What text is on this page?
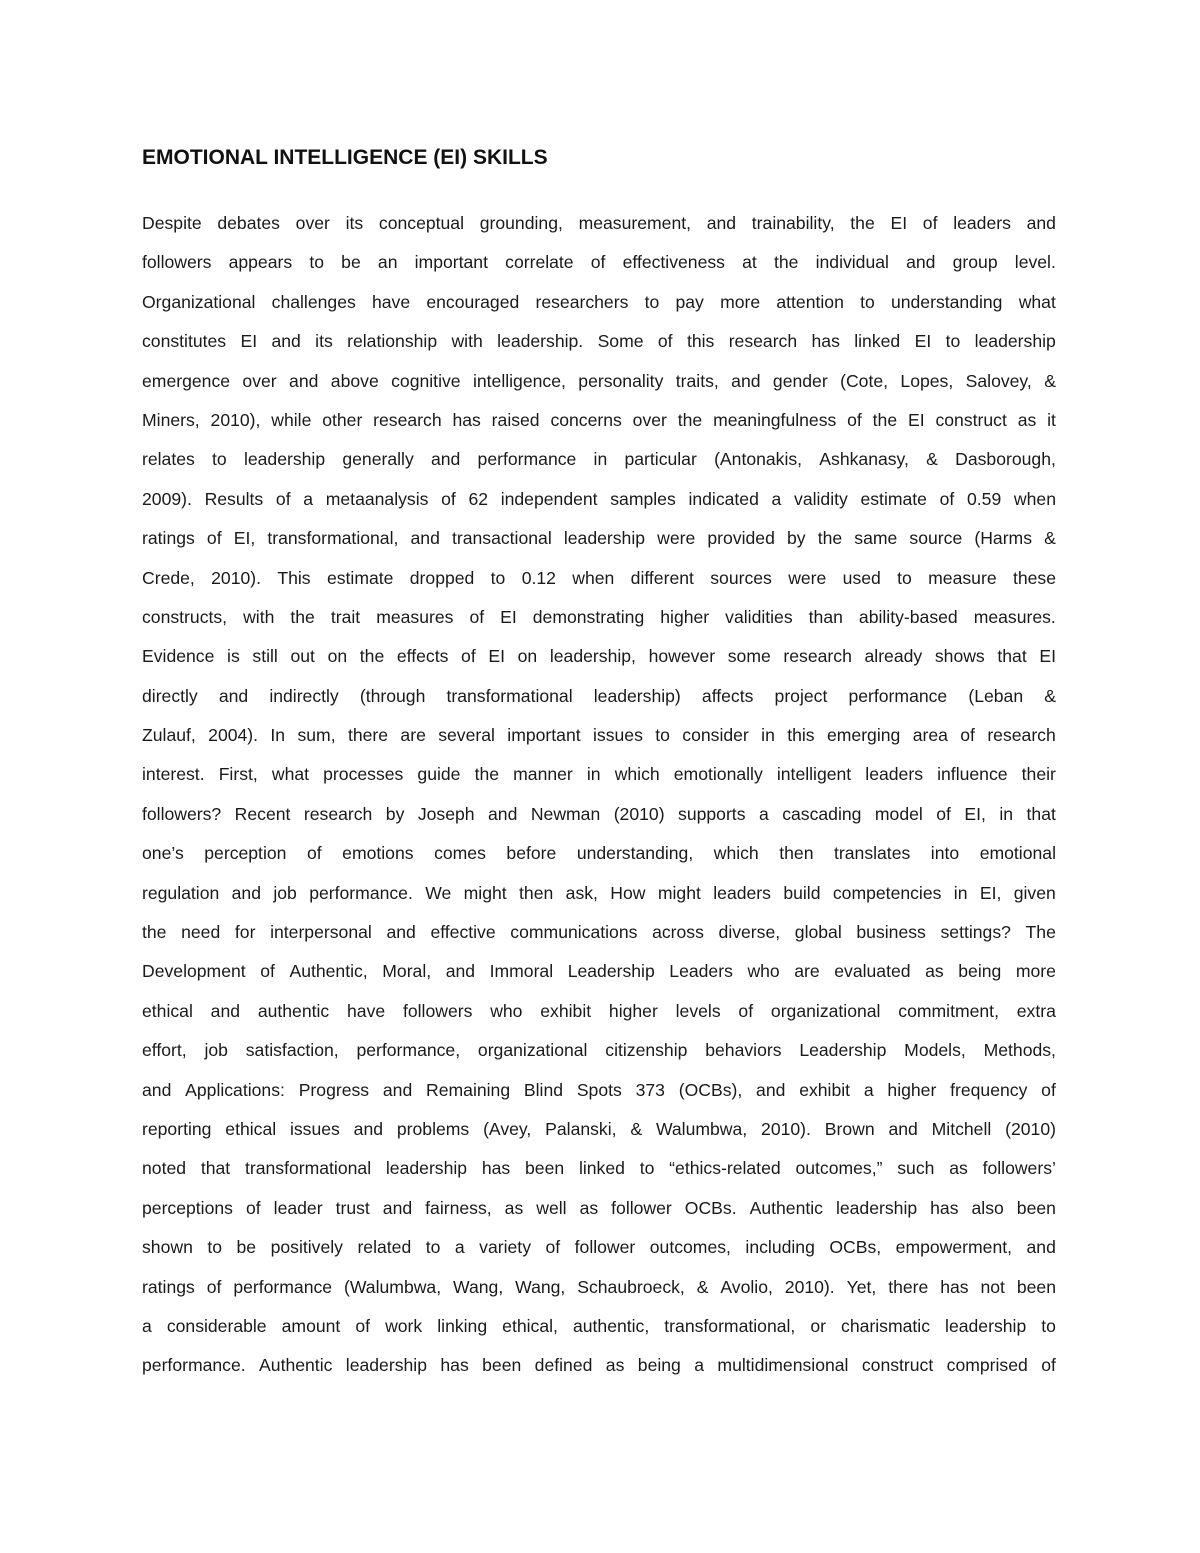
EMOTIONAL INTELLIGENCE (EI) SKILLS
Despite debates over its conceptual grounding, measurement, and trainability, the EI of leaders and
followers appears to be an important correlate of effectiveness at the individual and group level.
Organizational challenges have encouraged researchers to pay more attention to understanding what
constitutes EI and its relationship with leadership. Some of this research has linked EI to leadership
emergence over and above cognitive intelligence, personality traits, and gender (Cote, Lopes, Salovey, &
Miners, 2010), while other research has raised concerns over the meaningfulness of the EI construct as it
relates to leadership generally and performance in particular (Antonakis, Ashkanasy, & Dasborough,
2009). Results of a metaanalysis of 62 independent samples indicated a validity estimate of 0.59 when
ratings of EI, transformational, and transactional leadership were provided by the same source (Harms &
Crede, 2010). This estimate dropped to 0.12 when different sources were used to measure these
constructs, with the trait measures of EI demonstrating higher validities than ability-based measures.
Evidence is still out on the effects of EI on leadership, however some research already shows that EI
directly and indirectly (through transformational leadership) affects project performance (Leban &
Zulauf, 2004). In sum, there are several important issues to consider in this emerging area of research
interest. First, what processes guide the manner in which emotionally intelligent leaders influence their
followers? Recent research by Joseph and Newman (2010) supports a cascading model of EI, in that
one’s perception of emotions comes before understanding, which then translates into emotional
regulation and job performance. We might then ask, How might leaders build competencies in EI, given
the need for interpersonal and effective communications across diverse, global business settings? The
Development of Authentic, Moral, and Immoral Leadership Leaders who are evaluated as being more
ethical and authentic have followers who exhibit higher levels of organizational commitment, extra
effort, job satisfaction, performance, organizational citizenship behaviors Leadership Models, Methods,
and Applications: Progress and Remaining Blind Spots 373 (OCBs), and exhibit a higher frequency of
reporting ethical issues and problems (Avey, Palanski, & Walumbwa, 2010). Brown and Mitchell (2010)
noted that transformational leadership has been linked to “ethics-related outcomes,” such as followers’
perceptions of leader trust and fairness, as well as follower OCBs. Authentic leadership has also been
shown to be positively related to a variety of follower outcomes, including OCBs, empowerment, and
ratings of performance (Walumbwa, Wang, Wang, Schaubroeck, & Avolio, 2010). Yet, there has not been
a considerable amount of work linking ethical, authentic, transformational, or charismatic leadership to
performance. Authentic leadership has been defined as being a multidimensional construct comprised of
